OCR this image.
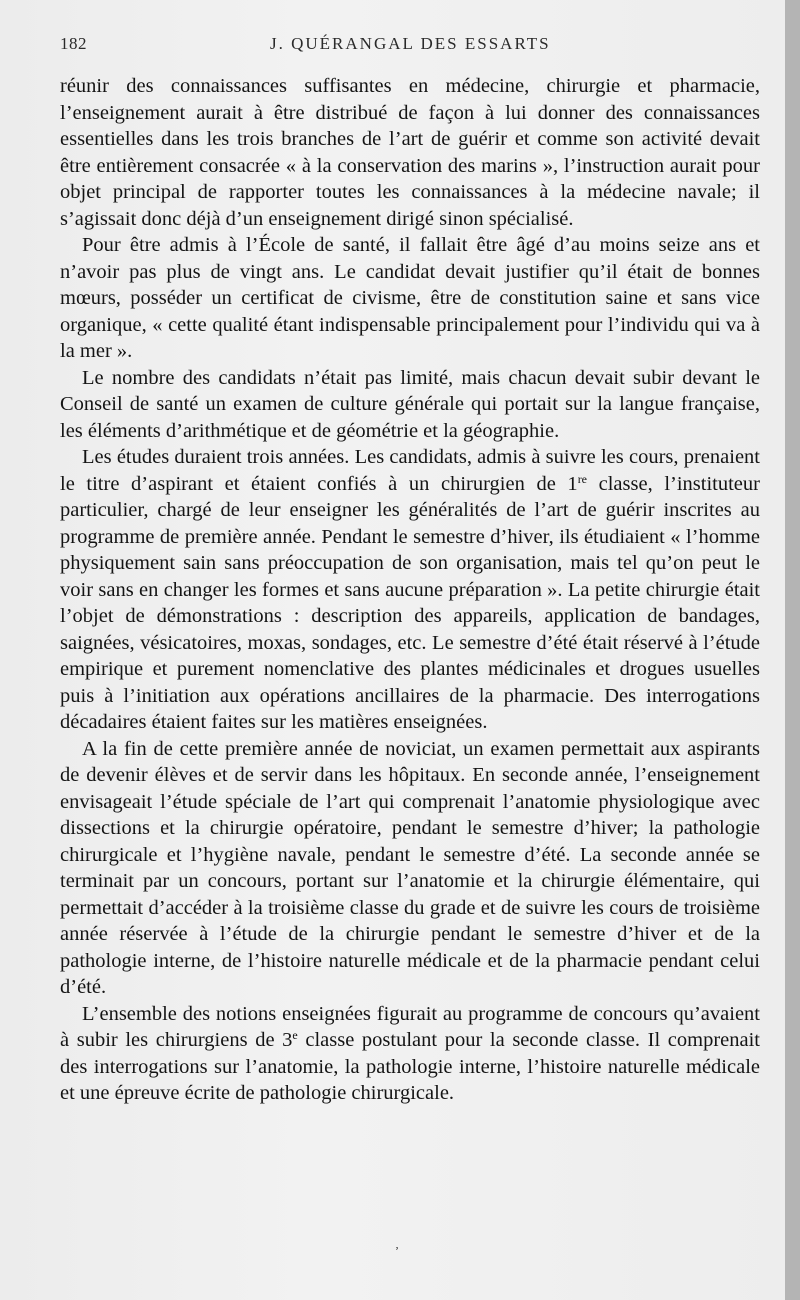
182	J. QUÉRANGAL DES ESSARTS

réunir des connaissances suffisantes en médecine, chirurgie et pharmacie, l’enseignement aurait à être distribué de façon à lui donner des connaissances essentielles dans les trois branches de l’art de guérir et comme son activité devait être entièrement consacrée « à la conservation des marins », l’instruction aurait pour objet principal de rapporter toutes les connaissances à la médecine navale; il s’agissait donc déjà d’un enseignement dirigé sinon spécialisé.

Pour être admis à l’École de santé, il fallait être âgé d’au moins seize ans et n’avoir pas plus de vingt ans. Le candidat devait justifier qu’il était de bonnes mœurs, posséder un certificat de civisme, être de constitution saine et sans vice organique, « cette qualité étant indispensable principalement pour l’individu qui va à la mer ».

Le nombre des candidats n’était pas limité, mais chacun devait subir devant le Conseil de santé un examen de culture générale qui portait sur la langue française, les éléments d’arithmétique et de géométrie et la géographie.

Les études duraient trois années. Les candidats, admis à suivre les cours, prenaient le titre d’aspirant et étaient confiés à un chirurgien de 1re classe, l’instituteur particulier, chargé de leur enseigner les généralités de l’art de guérir inscrites au programme de première année. Pendant le semestre d’hiver, ils étudiaient « l’homme physiquement sain sans préoccupation de son organisation, mais tel qu’on peut le voir sans en changer les formes et sans aucune préparation ». La petite chirurgie était l’objet de démonstrations : description des appareils, application de bandages, saignées, vésicatoires, moxas, sondages, etc. Le semestre d’été était réservé à l’étude empirique et purement nomenclative des plantes médicinales et drogues usuelles puis à l’initiation aux opérations ancillaires de la pharmacie. Des interrogations décadaires étaient faites sur les matières enseignées.

A la fin de cette première année de noviciat, un examen permettait aux aspirants de devenir élèves et de servir dans les hôpitaux. En seconde année, l’enseignement envisageait l’étude spéciale de l’art qui comprenait l’anatomie physiologique avec dissections et la chirurgie opératoire, pendant le semestre d’hiver; la pathologie chirurgicale et l’hygiène navale, pendant le semestre d’été. La seconde année se terminait par un concours, portant sur l’anatomie et la chirurgie élémentaire, qui permettait d’accéder à la troisième classe du grade et de suivre les cours de troisième année réservée à l’étude de la chirurgie pendant le semestre d’hiver et de la pathologie interne, de l’histoire naturelle médicale et de la pharmacie pendant celui d’été.

L’ensemble des notions enseignées figurait au programme de concours qu’avaient à subir les chirurgiens de 3e classe postulant pour la seconde classe. Il comprenait des interrogations sur l’anatomie, la pathologie interne, l’histoire naturelle médicale et une épreuve écrite de pathologie chirurgicale.

ʼ
